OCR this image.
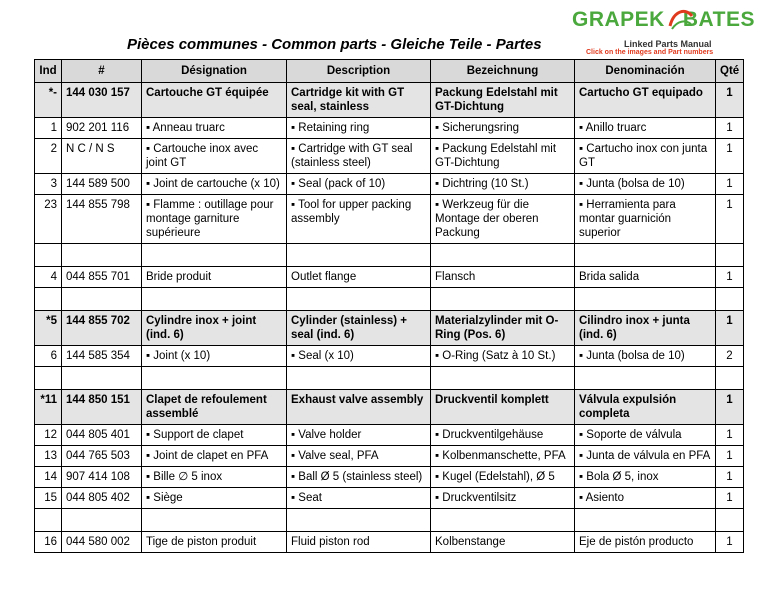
GRAPEK BATES
Linked Parts Manual
Click on the images and Part numbers
Pièces communes - Common parts - Gleiche Teile - Partes
Ind	#	Désignation	Description	Bezeichnung	Denominación	Qté
*-	144 030 157	Cartouche GT équipée	Cartridge kit with GT seal, stainless	Packung Edelstahl mit GT-Dichtung	Cartucho GT equipado	1
1	902 201 116	▪ Anneau truarc	▪ Retaining ring	▪ Sicherungsring	▪ Anillo truarc	1
2	N C / N S	▪ Cartouche inox avec joint GT	▪ Cartridge with GT seal (stainless steel)	▪ Packung Edelstahl mit GT-Dichtung	▪ Cartucho inox con junta GT	1
3	144 589 500	▪ Joint de cartouche (x 10)	▪ Seal (pack of 10)	▪ Dichtring (10 St.)	▪ Junta (bolsa de 10)	1
23	144 855 798	▪ Flamme : outillage pour montage garniture supérieure	▪ Tool for upper packing assembly	▪ Werkzeug für die Montage der oberen Packung	▪ Herramienta para montar guarnición superior	1

4	044 855 701	Bride produit	Outlet flange	Flansch	Brida salida	1

*5	144 855 702	Cylindre inox + joint (ind. 6)	Cylinder (stainless) + seal (ind. 6)	Materialzylinder mit O-Ring (Pos. 6)	Cilindro inox + junta (ind. 6)	1
6	144 585 354	▪ Joint (x 10)	▪ Seal (x 10)	▪ O-Ring (Satz à 10 St.)	▪ Junta (bolsa de 10)	2

*11	144 850 151	Clapet de refoulement assemblé	Exhaust valve assembly	Druckventil komplett	Válvula expulsión completa	1
12	044 805 401	▪ Support de clapet	▪ Valve holder	▪ Druckventilgehäuse	▪ Soporte de válvula	1
13	044 765 503	▪ Joint de clapet en PFA	▪ Valve seal, PFA	▪ Kolbenmanschette, PFA	▪ Junta de válvula en PFA	1
14	907 414 108	▪ Bille ∅ 5 inox	▪ Ball Ø 5 (stainless steel)	▪ Kugel (Edelstahl), Ø 5	▪ Bola Ø 5, inox	1
15	044 805 402	▪ Siège	▪ Seat	▪ Druckventilsitz	▪ Asiento	1

16	044 580 002	Tige de piston produit	Fluid piston rod	Kolbenstange	Eje de pistón producto	1
